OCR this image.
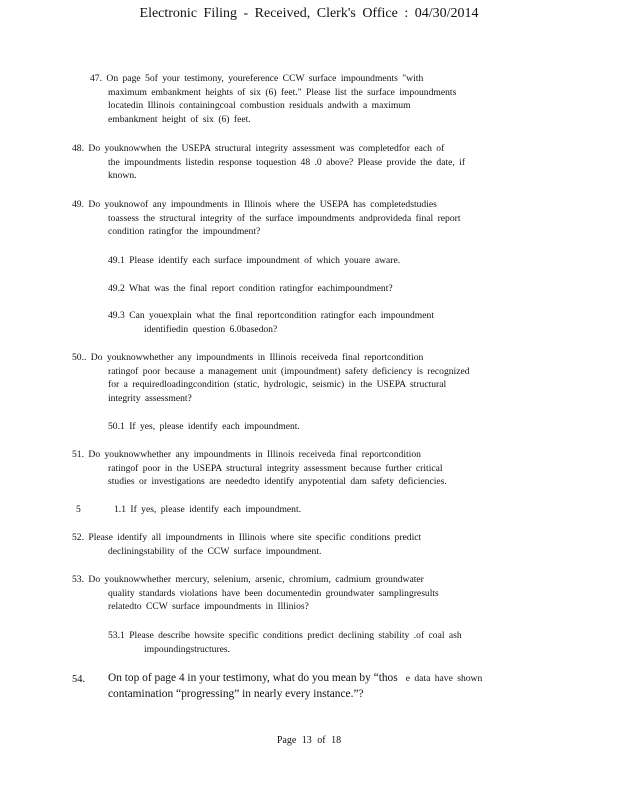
Electronic Filing - Received, Clerk's Office : 04/30/2014
47. On page 5of your testimony, youreference CCW surface impoundments "with
maximum embankment heights of six (6) feet." Please list the surface impoundments
locatedin Illinois containingcoal combustion residuals andwith a maximum
embankment height of six (6) feet.
48. Do youknowwhen the USEPA structural integrity assessment was completedfor each of
the impoundments listedin response toquestion 48 .0 above? Please provide the date, if
known.
49. Do youknowof any impoundments in Illinois where the USEPA has completedstudies
toassess the structural integrity of the surface impoundments andprovideda final report
condition ratingfor the impoundment?
49.1 Please identify each surface impoundment of which youare aware.
49.2 What was the final report condition ratingfor eachimpoundment?
49.3 Can youexplain what the final reportcondition ratingfor each impoundment
identifiedin question 6.0basedon?
50.. Do youknowwhether any impoundments in Illinois receiveda final reportcondition
ratingof poor because a management unit (impoundment) safety deficiency is recognized
for a requiredloadingcondition (static, hydrologic, seismic) in the USEPA structural
integrity assessment?
50.1 If yes, please identify each impoundment.
51. Do youknowwhether any impoundments in Illinois receiveda final reportcondition
ratingof poor in the USEPA structural integrity assessment because further critical
studies or investigations are neededto identify anypotential dam safety deficiencies.
5	1.1 If yes, please identify each impoundment.
52. Please identify all impoundments in Illinois where site specific conditions predict
decliningstability of the CCW surface impoundment.
53. Do youknowwhether mercury, selenium, arsenic, chromium, cadmium groundwater
quality standards violations have been documentedin groundwater samplingresults
relatedto CCW surface impoundments in Illinios?
53.1 Please describe howsite specific conditions predict declining stability .of coal ash
impoundingstructures.
54. On top of page 4 in your testimony, what do you mean by “thos e data have shown
contamination “progressing” in nearly every instance.”?
Page 13 of 18
